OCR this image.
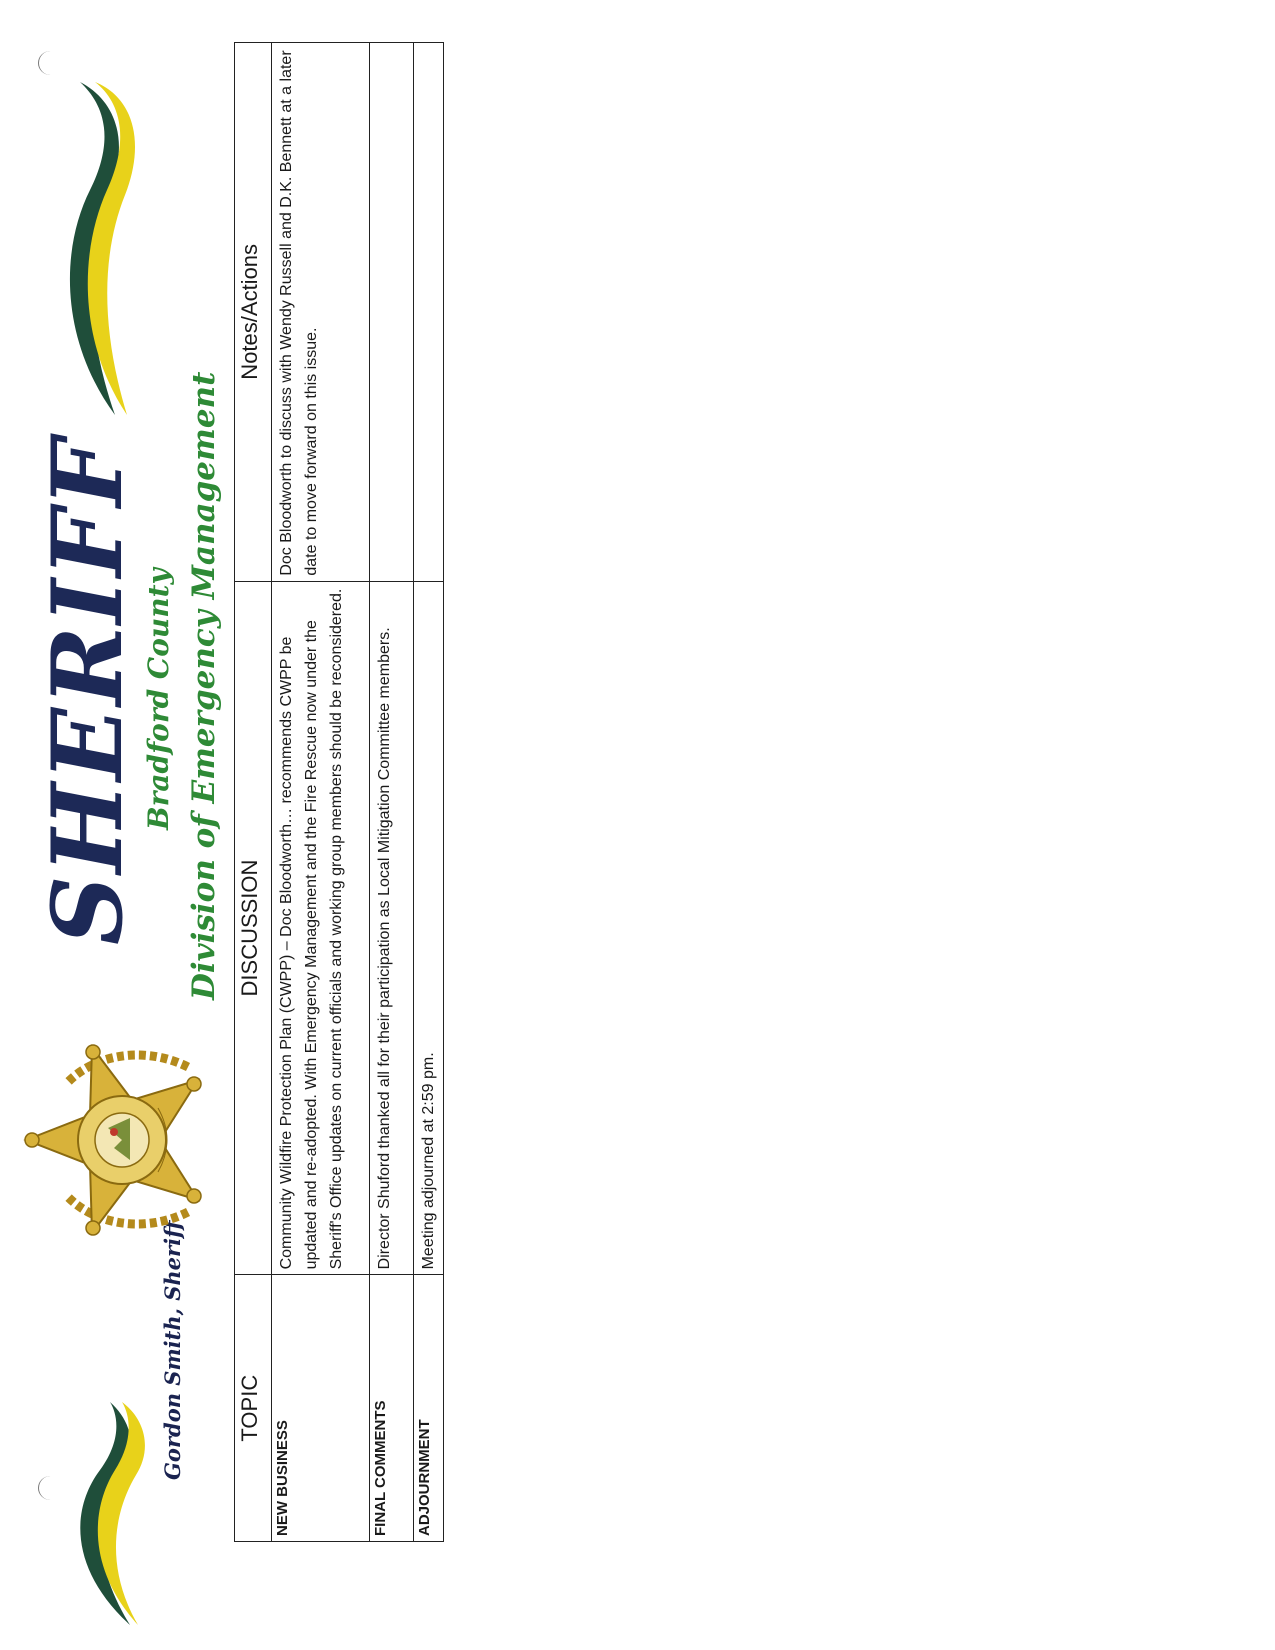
Gordon Smith, Sheriff
SHERIFF
Bradford County Division of Emergency Management
TOPIC	DISCUSSION	Notes/Actions
NEW BUSINESS	Community Wildfire Protection Plan (CWPP) – Doc Bloodworth… recommends CWPP be updated and re-adopted. With Emergency Management and the Fire Rescue now under the Sheriff's Office updates on current officials and working group members should be reconsidered.	Doc Bloodworth to discuss with Wendy Russell and D.K. Bennett at a later date to move forward on this issue.
FINAL COMMENTS	Director Shuford thanked all for their participation as Local Mitigation Committee members.	
ADJOURNMENT	Meeting adjourned at 2:59 pm.	
